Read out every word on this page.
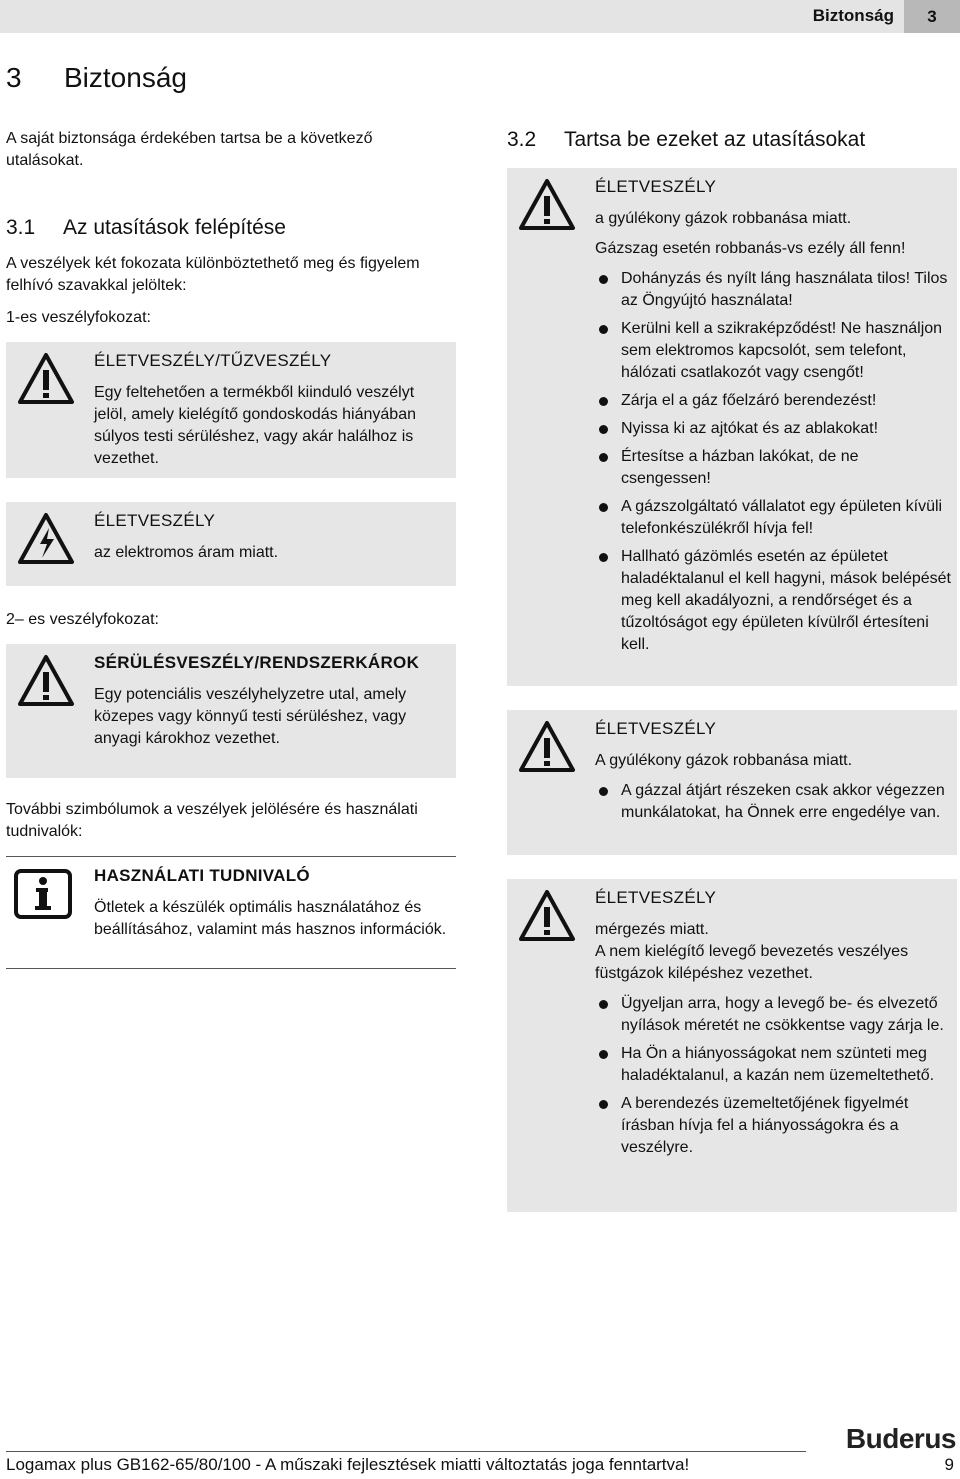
Biztonság	3
3 Biztonság
A saját biztonsága érdekében tartsa be a következő utalásokat.
3.1 Az utasítások felépítése
A veszélyek két fokozata különböztethető meg és figyelem felhívó szavakkal jelöltek:
1-es veszélyfokozat:
ÉLETVESZÉLY/TŰZVESZÉLY
Egy feltehetően a termékből kiinduló veszélyt jelöl, amely kielégítő gondoskodás hiányában súlyos testi sérüléshez, vagy akár halálhoz is vezethet.
ÉLETVESZÉLY
az elektromos áram miatt.
2– es veszélyfokozat:
SÉRÜLÉSVESZÉLY/RENDSZERKÁROK
Egy potenciális veszélyhelyzetre utal, amely közepes vagy könnyű testi sérüléshez, vagy anyagi károkhoz vezethet.
További szimbólumok a veszélyek jelölésére és használati tudnivalók:
HASZNÁLATI TUDNIVALÓ
Ötletek a készülék optimális használatához és beállításához, valamint más hasznos információk.
3.2 Tartsa be ezeket az utasításokat
ÉLETVESZÉLY
a gyúlékony gázok robbanása miatt.
Gázszag esetén robbanás-vs ezély áll fenn!
Dohányzás és nyílt láng használata tilos! Tilos az Öngyújtó használata!
Kerülni kell a szikraképződést! Ne használjon sem elektromos kapcsolót, sem telefont, hálózati csatlakozót vagy csengőt!
Zárja el a gáz főelzáró berendezést!
Nyissa ki az ajtókat és az ablakokat!
Értesítse a házban lakókat, de ne csengessen!
A gázszolgáltató vállalatot egy épületen kívüli telefonkészülékről hívja fel!
Hallható gázömlés esetén az épületet haladéktalanul el kell hagyni, mások belépését meg kell akadályozni, a rendőrséget és a tűzoltóságot egy épületen kívülről értesíteni kell.
ÉLETVESZÉLY
A gyúlékony gázok robbanása miatt.
A gázzal átjárt részeken csak akkor végezzen munkálatokat, ha Önnek erre engedélye van.
ÉLETVESZÉLY
mérgezés miatt.
A nem kielégítő levegő bevezetés veszélyes füstgázok kilépéshez vezethet.
Ügyeljan arra, hogy a levegő be- és elvezető nyílások méretét ne csökkentse vagy zárja le.
Ha Ön a hiányosságokat nem szünteti meg haladéktalanul, a kazán nem üzemeltethető.
A berendezés üzemeltetőjének figyelmét írásban hívja fel a hiányosságokra és a veszélyre.
Buderus
Logamax plus GB162-65/80/100 - A műszaki fejlesztések miatti változtatás joga fenntartva!	9
